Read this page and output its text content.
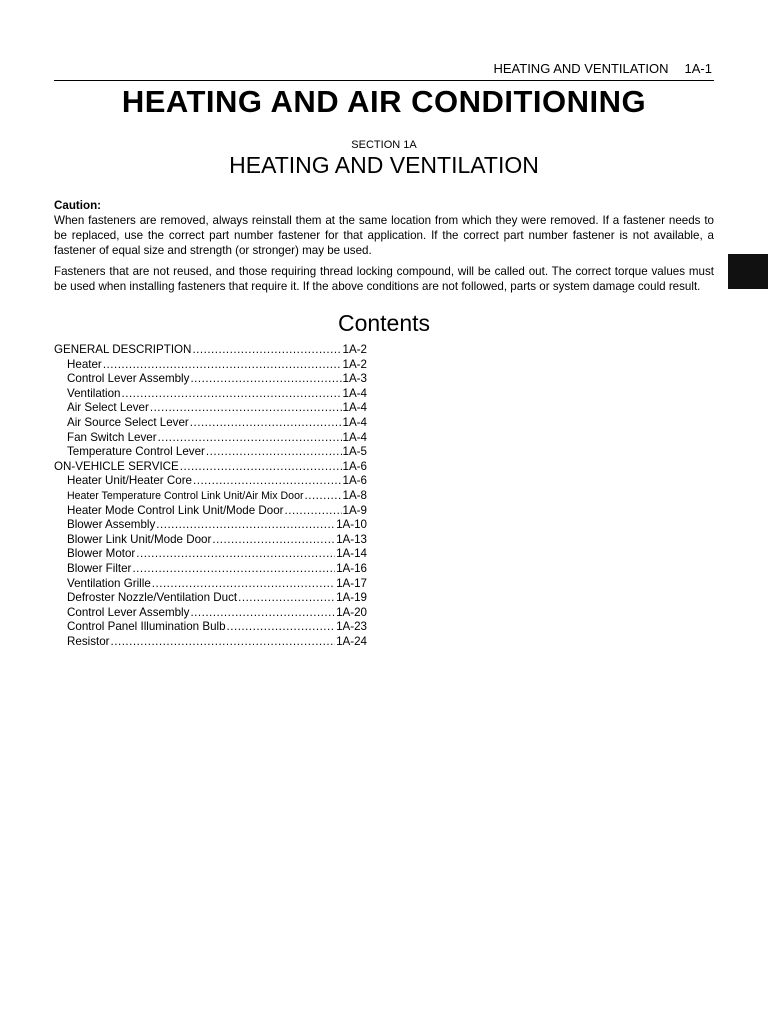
HEATING AND VENTILATION 1A-1
HEATING AND AIR CONDITIONING
SECTION 1A
HEATING AND VENTILATION
Caution:

When fasteners are removed, always reinstall them at the same location from which they were removed. If a fastener needs to be replaced, use the correct part number fastener for that application. If the correct part number fastener is not available, a fastener of equal size and strength (or stronger) may be used.

Fasteners that are not reused, and those requiring thread locking compound, will be called out. The correct torque values must be used when installing fasteners that require it. If the above conditions are not followed, parts or system damage could result.

Contents
GENERAL DESCRIPTION .....	1A-2
Heater .....	1A-2
Control Lever Assembly .....	1A-3
Ventilation .....	1A-4
Air Select Lever .....	1A-4
Air Source Select Lever .....	1A-4
Fan Switch Lever .....	1A-4
Temperature Control Lever .....	1A-5
ON-VEHICLE SERVICE .....	1A-6
Heater Unit/Heater Core .....	1A-6
Heater Temperature Control Link Unit/Air Mix Door .....	1A-8
Heater Mode Control Link Unit/Mode Door .....	1A-9
Blower Assembly .....	1A-10
Blower Link Unit/Mode Door .....	1A-13
Blower Motor .....	1A-14
Blower Filter .....	1A-16
Ventilation Grille .....	1A-17
Defroster Nozzle/Ventilation Duct .....	1A-19
Control Lever Assembly .....	1A-20
Control Panel Illumination Bulb .....	1A-23
Resistor .....	1A-24
